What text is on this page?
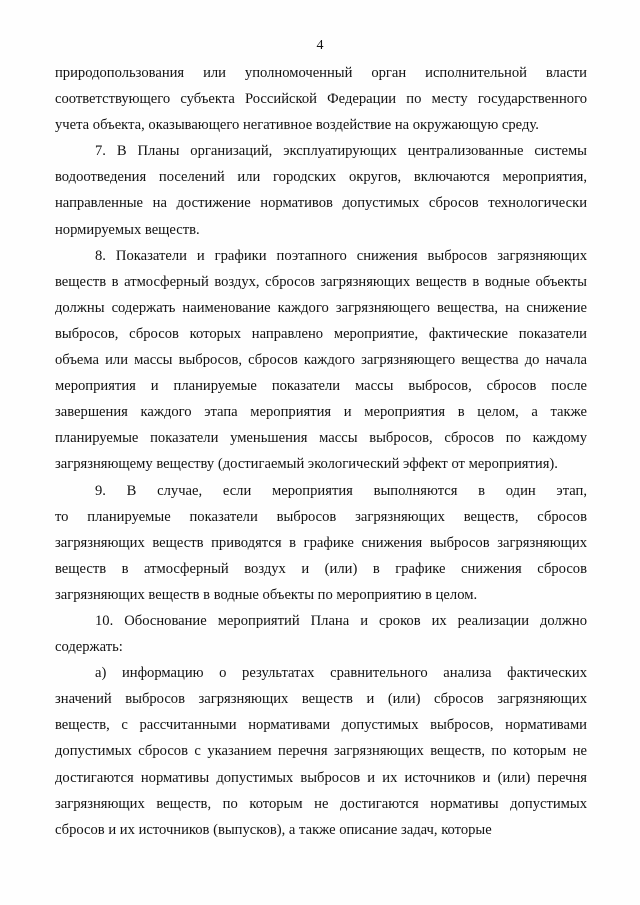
4
природопользования или уполномоченный орган исполнительной власти
соответствующего субъекта Российской Федерации по месту государственного
учета объекта, оказывающего негативное воздействие на окружающую среду.
7. В Планы организаций, эксплуатирующих централизованные системы
водоотведения поселений или городских округов, включаются мероприятия,
направленные на достижение нормативов допустимых сбросов технологически
нормируемых веществ.
8. Показатели и графики поэтапного снижения выбросов загрязняющих
веществ в атмосферный воздух, сбросов загрязняющих веществ в водные объекты
должны содержать наименование каждого загрязняющего вещества, на снижение
выбросов, сбросов которых направлено мероприятие, фактические показатели
объема или массы выбросов, сбросов каждого загрязняющего вещества до начала
мероприятия и планируемые показатели массы выбросов, сбросов после
завершения каждого этапа мероприятия и мероприятия в целом, а также
планируемые показатели уменьшения массы выбросов, сбросов по каждому
загрязняющему веществу (достигаемый экологический эффект от мероприятия).
9. В случае, если мероприятия выполняются в один этап,
то планируемые показатели выбросов загрязняющих веществ, сбросов
загрязняющих веществ приводятся в графике снижения выбросов загрязняющих
веществ в атмосферный воздух и (или) в графике снижения сбросов
загрязняющих веществ в водные объекты по мероприятию в целом.
10. Обоснование мероприятий Плана и сроков их реализации должно
содержать:
а) информацию о результатах сравнительного анализа фактических
значений выбросов загрязняющих веществ и (или) сбросов загрязняющих
веществ, с рассчитанными нормативами допустимых выбросов, нормативами
допустимых сбросов с указанием перечня загрязняющих веществ, по которым не
достигаются нормативы допустимых выбросов и их источников и (или) перечня
загрязняющих веществ, по которым не достигаются нормативы допустимых
сбросов и их источников (выпусков), а также описание задач, которые
